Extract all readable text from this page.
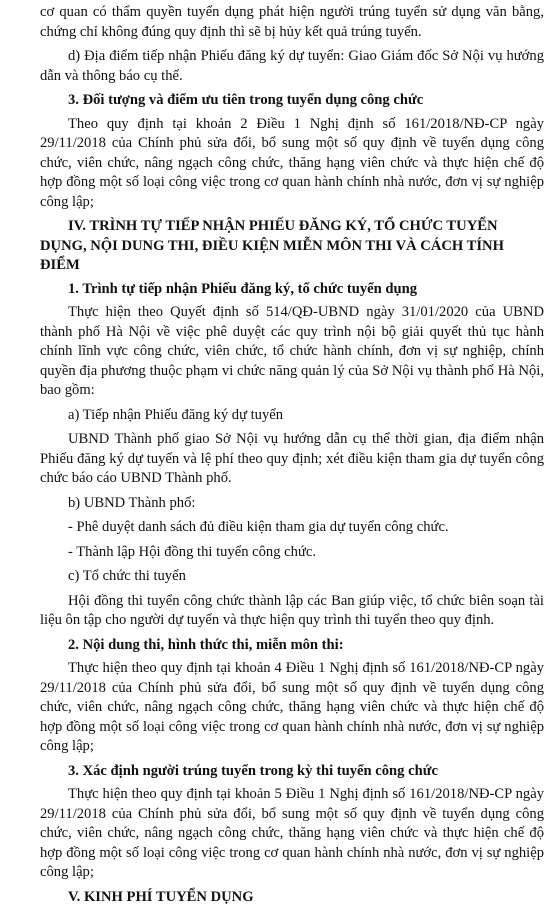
cơ quan có thẩm quyền tuyển dụng phát hiện người trúng tuyển sử dụng văn bằng, chứng chỉ không đúng quy định thì sẽ bị hủy kết quả trúng tuyển.

d) Địa điểm tiếp nhận Phiếu đăng ký dự tuyển: Giao Giám đốc Sở Nội vụ hướng dẫn và thông báo cụ thể.

3. Đối tượng và điểm ưu tiên trong tuyển dụng công chức

Theo quy định tại khoản 2 Điều 1 Nghị định số 161/2018/NĐ-CP ngày 29/11/2018 của Chính phủ sửa đổi, bổ sung một số quy định về tuyển dụng công chức, viên chức, nâng ngạch công chức, thăng hạng viên chức và thực hiện chế độ hợp đồng một số loại công việc trong cơ quan hành chính nhà nước, đơn vị sự nghiệp công lập;

IV. TRÌNH TỰ TIẾP NHẬN PHIẾU ĐĂNG KÝ, TỔ CHỨC TUYỂN DỤNG, NỘI DUNG THI, ĐIỀU KIỆN MIỄN MÔN THI VÀ CÁCH TÍNH ĐIỂM

1. Trình tự tiếp nhận Phiếu đăng ký, tổ chức tuyển dụng

Thực hiện theo Quyết định số 514/QĐ-UBND ngày 31/01/2020 của UBND thành phố Hà Nội về việc phê duyệt các quy trình nội bộ giải quyết thủ tục hành chính lĩnh vực công chức, viên chức, tổ chức hành chính, đơn vị sự nghiệp, chính quyền địa phương thuộc phạm vi chức năng quản lý của Sở Nội vụ thành phố Hà Nội, bao gồm:

a) Tiếp nhận Phiếu đăng ký dự tuyển

UBND Thành phố giao Sở Nội vụ hướng dẫn cụ thể thời gian, địa điểm nhận Phiếu đăng ký dự tuyển và lệ phí theo quy định; xét điều kiện tham gia dự tuyển công chức báo cáo UBND Thành phố.

b) UBND Thành phố:

- Phê duyệt danh sách đủ điều kiện tham gia dự tuyển công chức.

- Thành lập Hội đồng thi tuyển công chức.

c) Tổ chức thi tuyển

Hội đồng thi tuyển công chức thành lập các Ban giúp việc, tổ chức biên soạn tài liệu ôn tập cho người dự tuyển và thực hiện quy trình thi tuyển theo quy định.

2. Nội dung thi, hình thức thi, miễn môn thi:

Thực hiện theo quy định tại khoản 4 Điều 1 Nghị định số 161/2018/NĐ-CP ngày 29/11/2018 của Chính phủ sửa đổi, bổ sung một số quy định về tuyển dụng công chức, viên chức, nâng ngạch công chức, thăng hạng viên chức và thực hiện chế độ hợp đồng một số loại công việc trong cơ quan hành chính nhà nước, đơn vị sự nghiệp công lập;

3. Xác định người trúng tuyển trong kỳ thi tuyển công chức

Thực hiện theo quy định tại khoản 5 Điều 1 Nghị định số 161/2018/NĐ-CP ngày 29/11/2018 của Chính phủ sửa đổi, bổ sung một số quy định về tuyển dụng công chức, viên chức, nâng ngạch công chức, thăng hạng viên chức và thực hiện chế độ hợp đồng một số loại công việc trong cơ quan hành chính nhà nước, đơn vị sự nghiệp công lập;

V. KINH PHÍ TUYỂN DỤNG
